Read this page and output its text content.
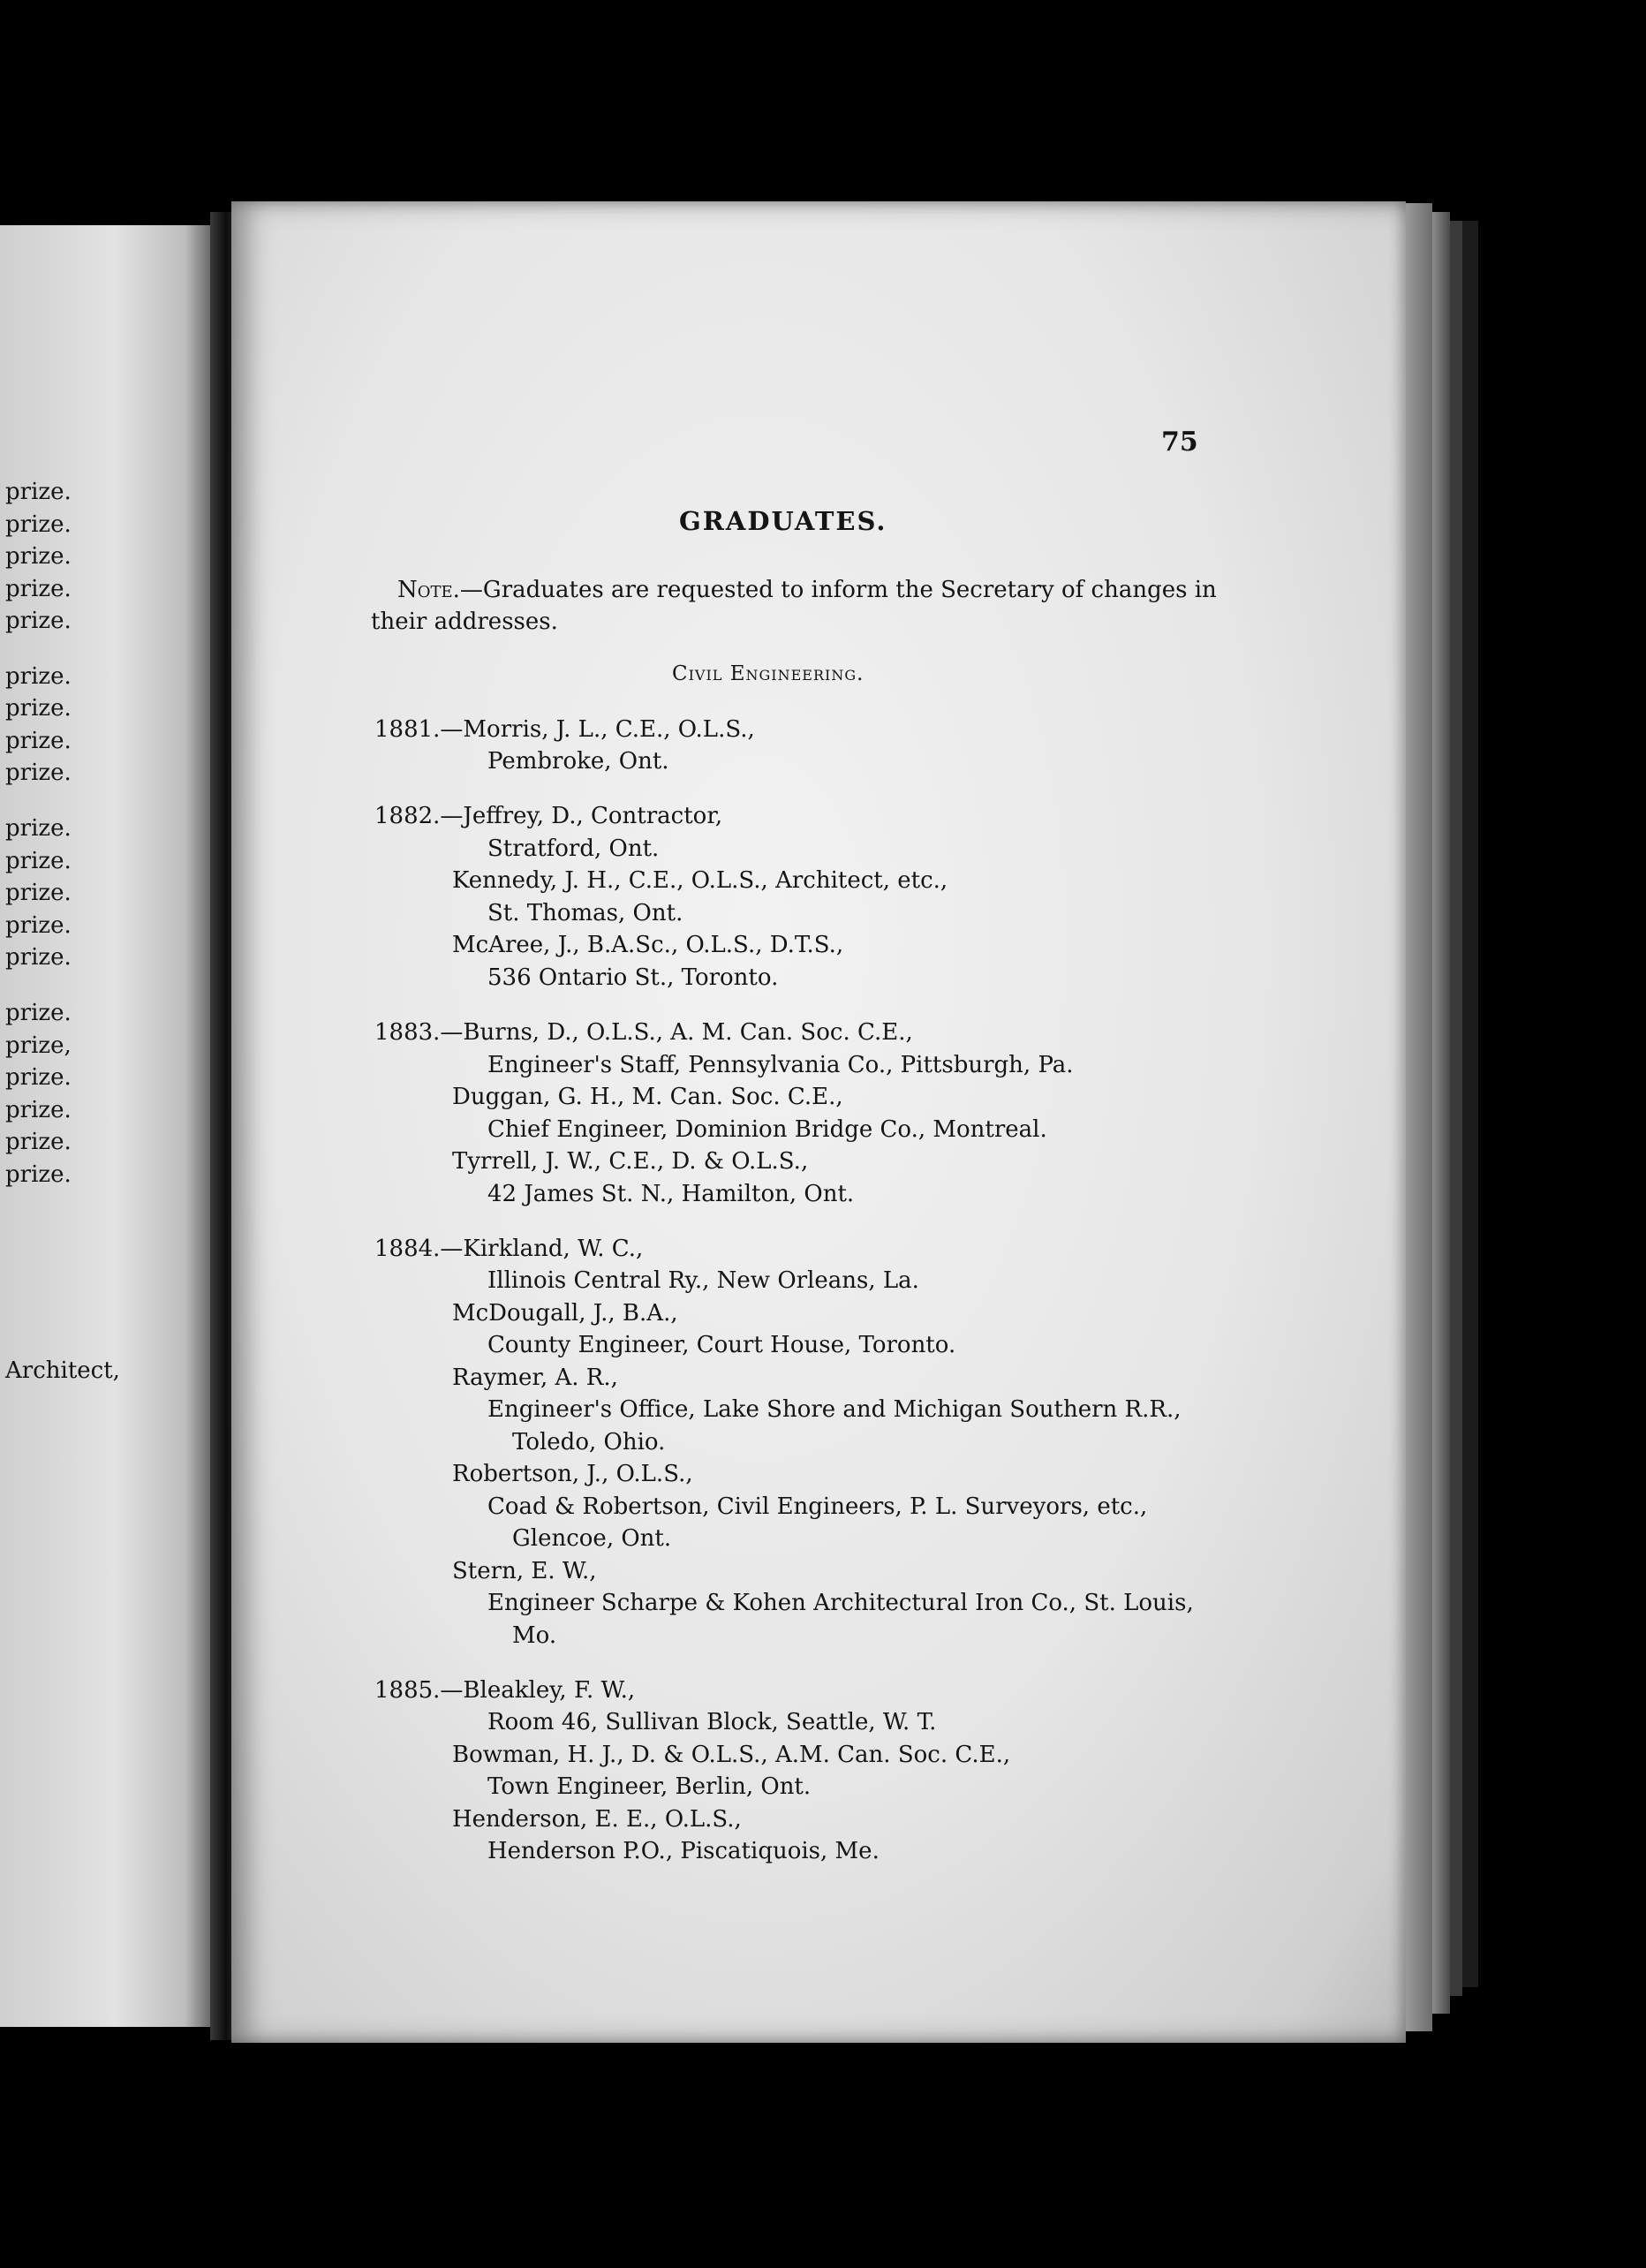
prize.
prize.
prize.
prize.
prize.
prize.
prize.
prize.
prize.
prize.
prize.
prize.
prize.
prize.
prize.
prize,
prize.
prize.
prize.
prize.
Architect,
75
GRADUATES.
Note.—Graduates are requested to inform the Secretary of changes in
their addresses.
Civil Engineering.
1881.—Morris, J. L., C.E., O.L.S.,
Pembroke, Ont.
1882.—Jeffrey, D., Contractor,
Stratford, Ont.
Kennedy, J. H., C.E., O.L.S., Architect, etc.,
St. Thomas, Ont.
McAree, J., B.A.Sc., O.L.S., D.T.S.,
536 Ontario St., Toronto.
1883.—Burns, D., O.L.S., A. M. Can. Soc. C.E.,
Engineer's Staff, Pennsylvania Co., Pittsburgh, Pa.
Duggan, G. H., M. Can. Soc. C.E.,
Chief Engineer, Dominion Bridge Co., Montreal.
Tyrrell, J. W., C.E., D. & O.L.S.,
42 James St. N., Hamilton, Ont.
1884.—Kirkland, W. C.,
Illinois Central Ry., New Orleans, La.
McDougall, J., B.A.,
County Engineer, Court House, Toronto.
Raymer, A. R.,
Engineer's Office, Lake Shore and Michigan Southern R.R.,
Toledo, Ohio.
Robertson, J., O.L.S.,
Coad & Robertson, Civil Engineers, P. L. Surveyors, etc.,
Glencoe, Ont.
Stern, E. W.,
Engineer Scharpe & Kohen Architectural Iron Co., St. Louis,
Mo.
1885.—Bleakley, F. W.,
Room 46, Sullivan Block, Seattle, W. T.
Bowman, H. J., D. & O.L.S., A.M. Can. Soc. C.E.,
Town Engineer, Berlin, Ont.
Henderson, E. E., O.L.S.,
Henderson P.O., Piscatiquois, Me.
